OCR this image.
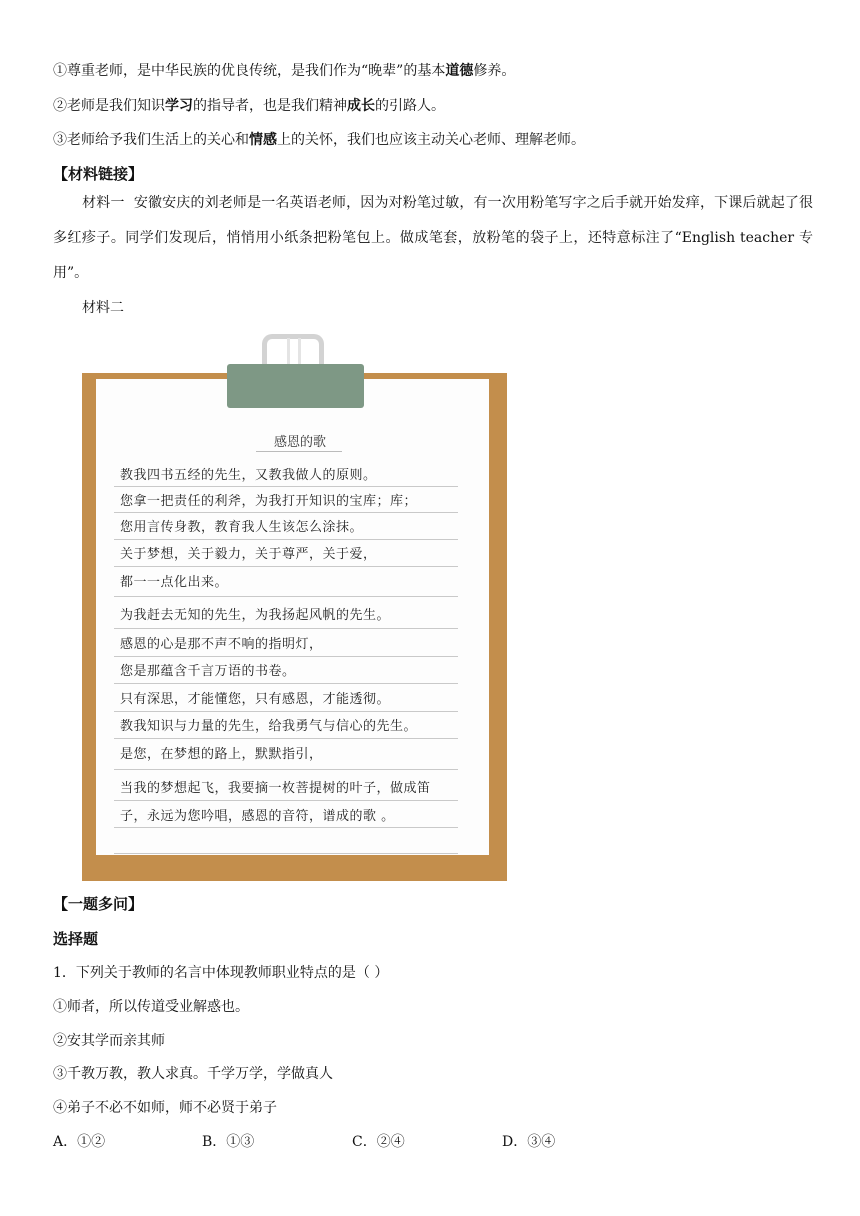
①尊重老师，是中华民族的优良传统，是我们作为“晚辈”的基本道德修养。
②老师是我们知识学习的指导者，也是我们精神成长的引路人。
③老师给予我们生活上的关心和情感上的关怀，我们也应该主动关心老师、理解老师。
【材料链接】
材料一 安徽安庆的刘老师是一名英语老师，因为对粉笔过敏，有一次用粉笔写字之后手就开始发痒，下课后就起了很多红疹子。同学们发现后，悄悄用小纸条把粉笔包上。做成笔套，放粉笔的袋子上，还特意标注了“English teacher 专用”。
材料二
感恩的歌
教我四书五经的先生，又教我做人的原则。
您拿一把责任的利斧，为我打开知识的宝库；库；
您用言传身教，教育我人生该怎么涂抹。
关于梦想，关于毅力，关于尊严，关于爱，
都一一点化出来。
为我赶去无知的先生，为我扬起风帆的先生。
感恩的心是那不声不响的指明灯，
您是那蕴含千言万语的书卷。
只有深思，才能懂您，只有感恩，才能透彻。
教我知识与力量的先生，给我勇气与信心的先生。
是您，在梦想的路上，默默指引，
当我的梦想起飞，我要摘一枚菩提树的叶子，做成笛
子，永远为您吟唱，感恩的音符，谱成的歌 。
【一题多问】
选择题
1．下列关于教师的名言中体现教师职业特点的是（ ）
①师者，所以传道受业解惑也。
②安其学而亲其师
③千教万教，教人求真。千学万学，学做真人
④弟子不必不如师，师不必贤于弟子
A．①②	B．①③	C．②④	D．③④
